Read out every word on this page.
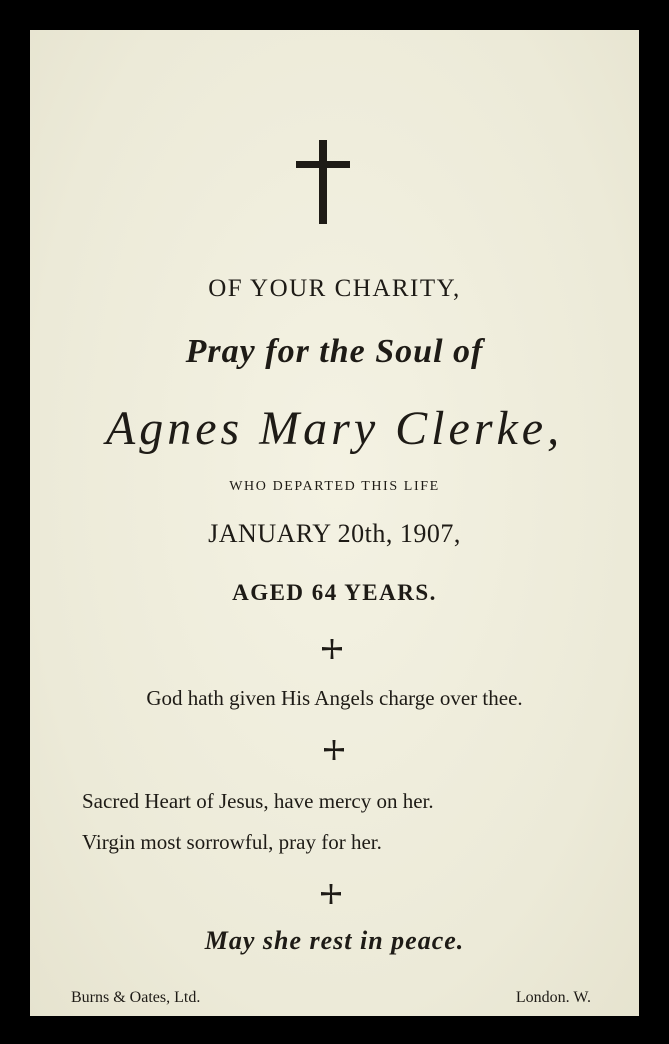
OF YOUR CHARITY,
Pray for the Soul of
Agnes Mary Clerke,
WHO DEPARTED THIS LIFE
JANUARY 20th, 1907,
AGED 64 YEARS.
God hath given His Angels charge over thee.
Sacred Heart of Jesus, have mercy on her.
Virgin most sorrowful, pray for her.
May she rest in peace.
Burns & Oates, Ltd.	London. W.
